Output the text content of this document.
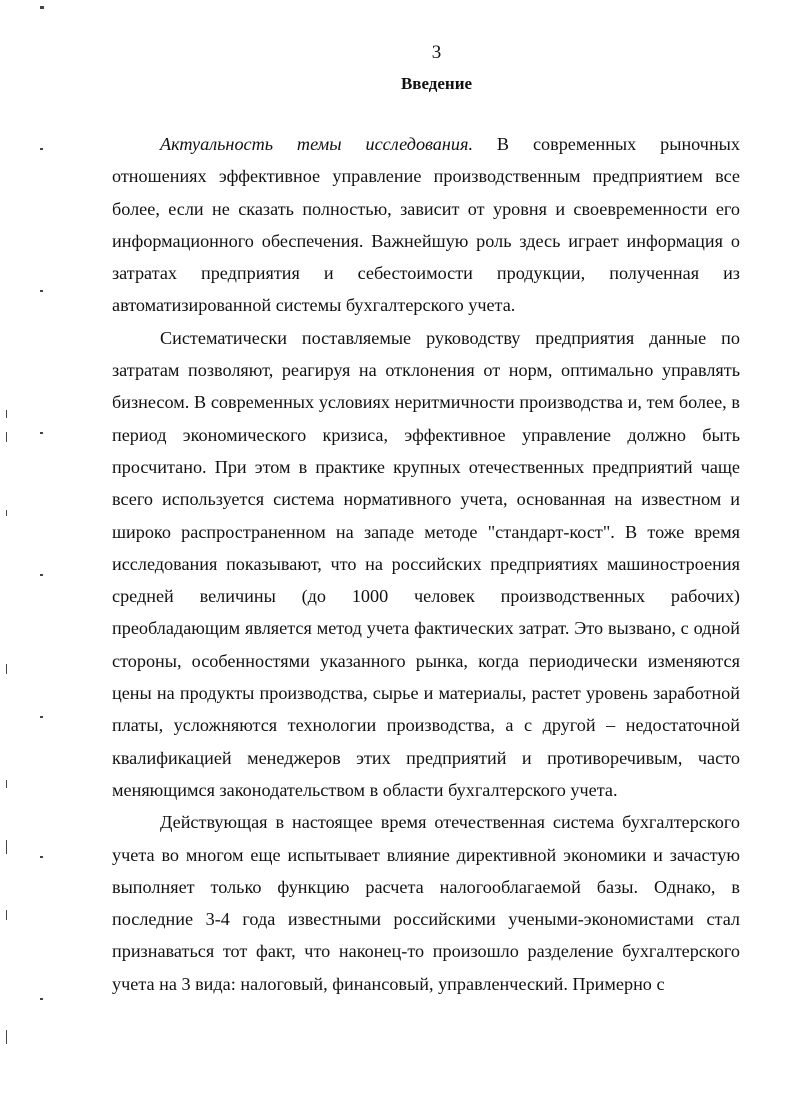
3
Введение

Актуальность темы исследования. В современных рыночных отношениях эффективное управление производственным предприятием все более, если не сказать полностью, зависит от уровня и своевременности его информационного обеспечения. Важнейшую роль здесь играет информация о затратах предприятия и себестоимости продукции, полученная из автоматизированной системы бухгалтерского учета.

Систематически поставляемые руководству предприятия данные по затратам позволяют, реагируя на отклонения от норм, оптимально управлять бизнесом. В современных условиях неритмичности производства и, тем более, в период экономического кризиса, эффективное управление должно быть просчитано. При этом в практике крупных отечественных предприятий чаще всего используется система нормативного учета, основанная на известном и широко распространенном на западе методе "стандарт-кост". В тоже время исследования показывают, что на российских предприятиях машиностроения средней величины (до 1000 человек производственных рабочих) преобладающим является метод учета фактических затрат. Это вызвано, с одной стороны, особенностями указанного рынка, когда периодически изменяются цены на продукты производства, сырье и материалы, растет уровень заработной платы, усложняются технологии производства, а с другой – недостаточной квалификацией менеджеров этих предприятий и противоречивым, часто меняющимся законодательством в области бухгалтерского учета.

Действующая в настоящее время отечественная система бухгалтерского учета во многом еще испытывает влияние директивной экономики и зачастую выполняет только функцию расчета налогооблагаемой базы. Однако, в последние 3-4 года известными российскими учеными-экономистами стал признаваться тот факт, что наконец-то произошло разделение бухгалтерского учета на 3 вида: налоговый, финансовый, управленческий. Примерно с
